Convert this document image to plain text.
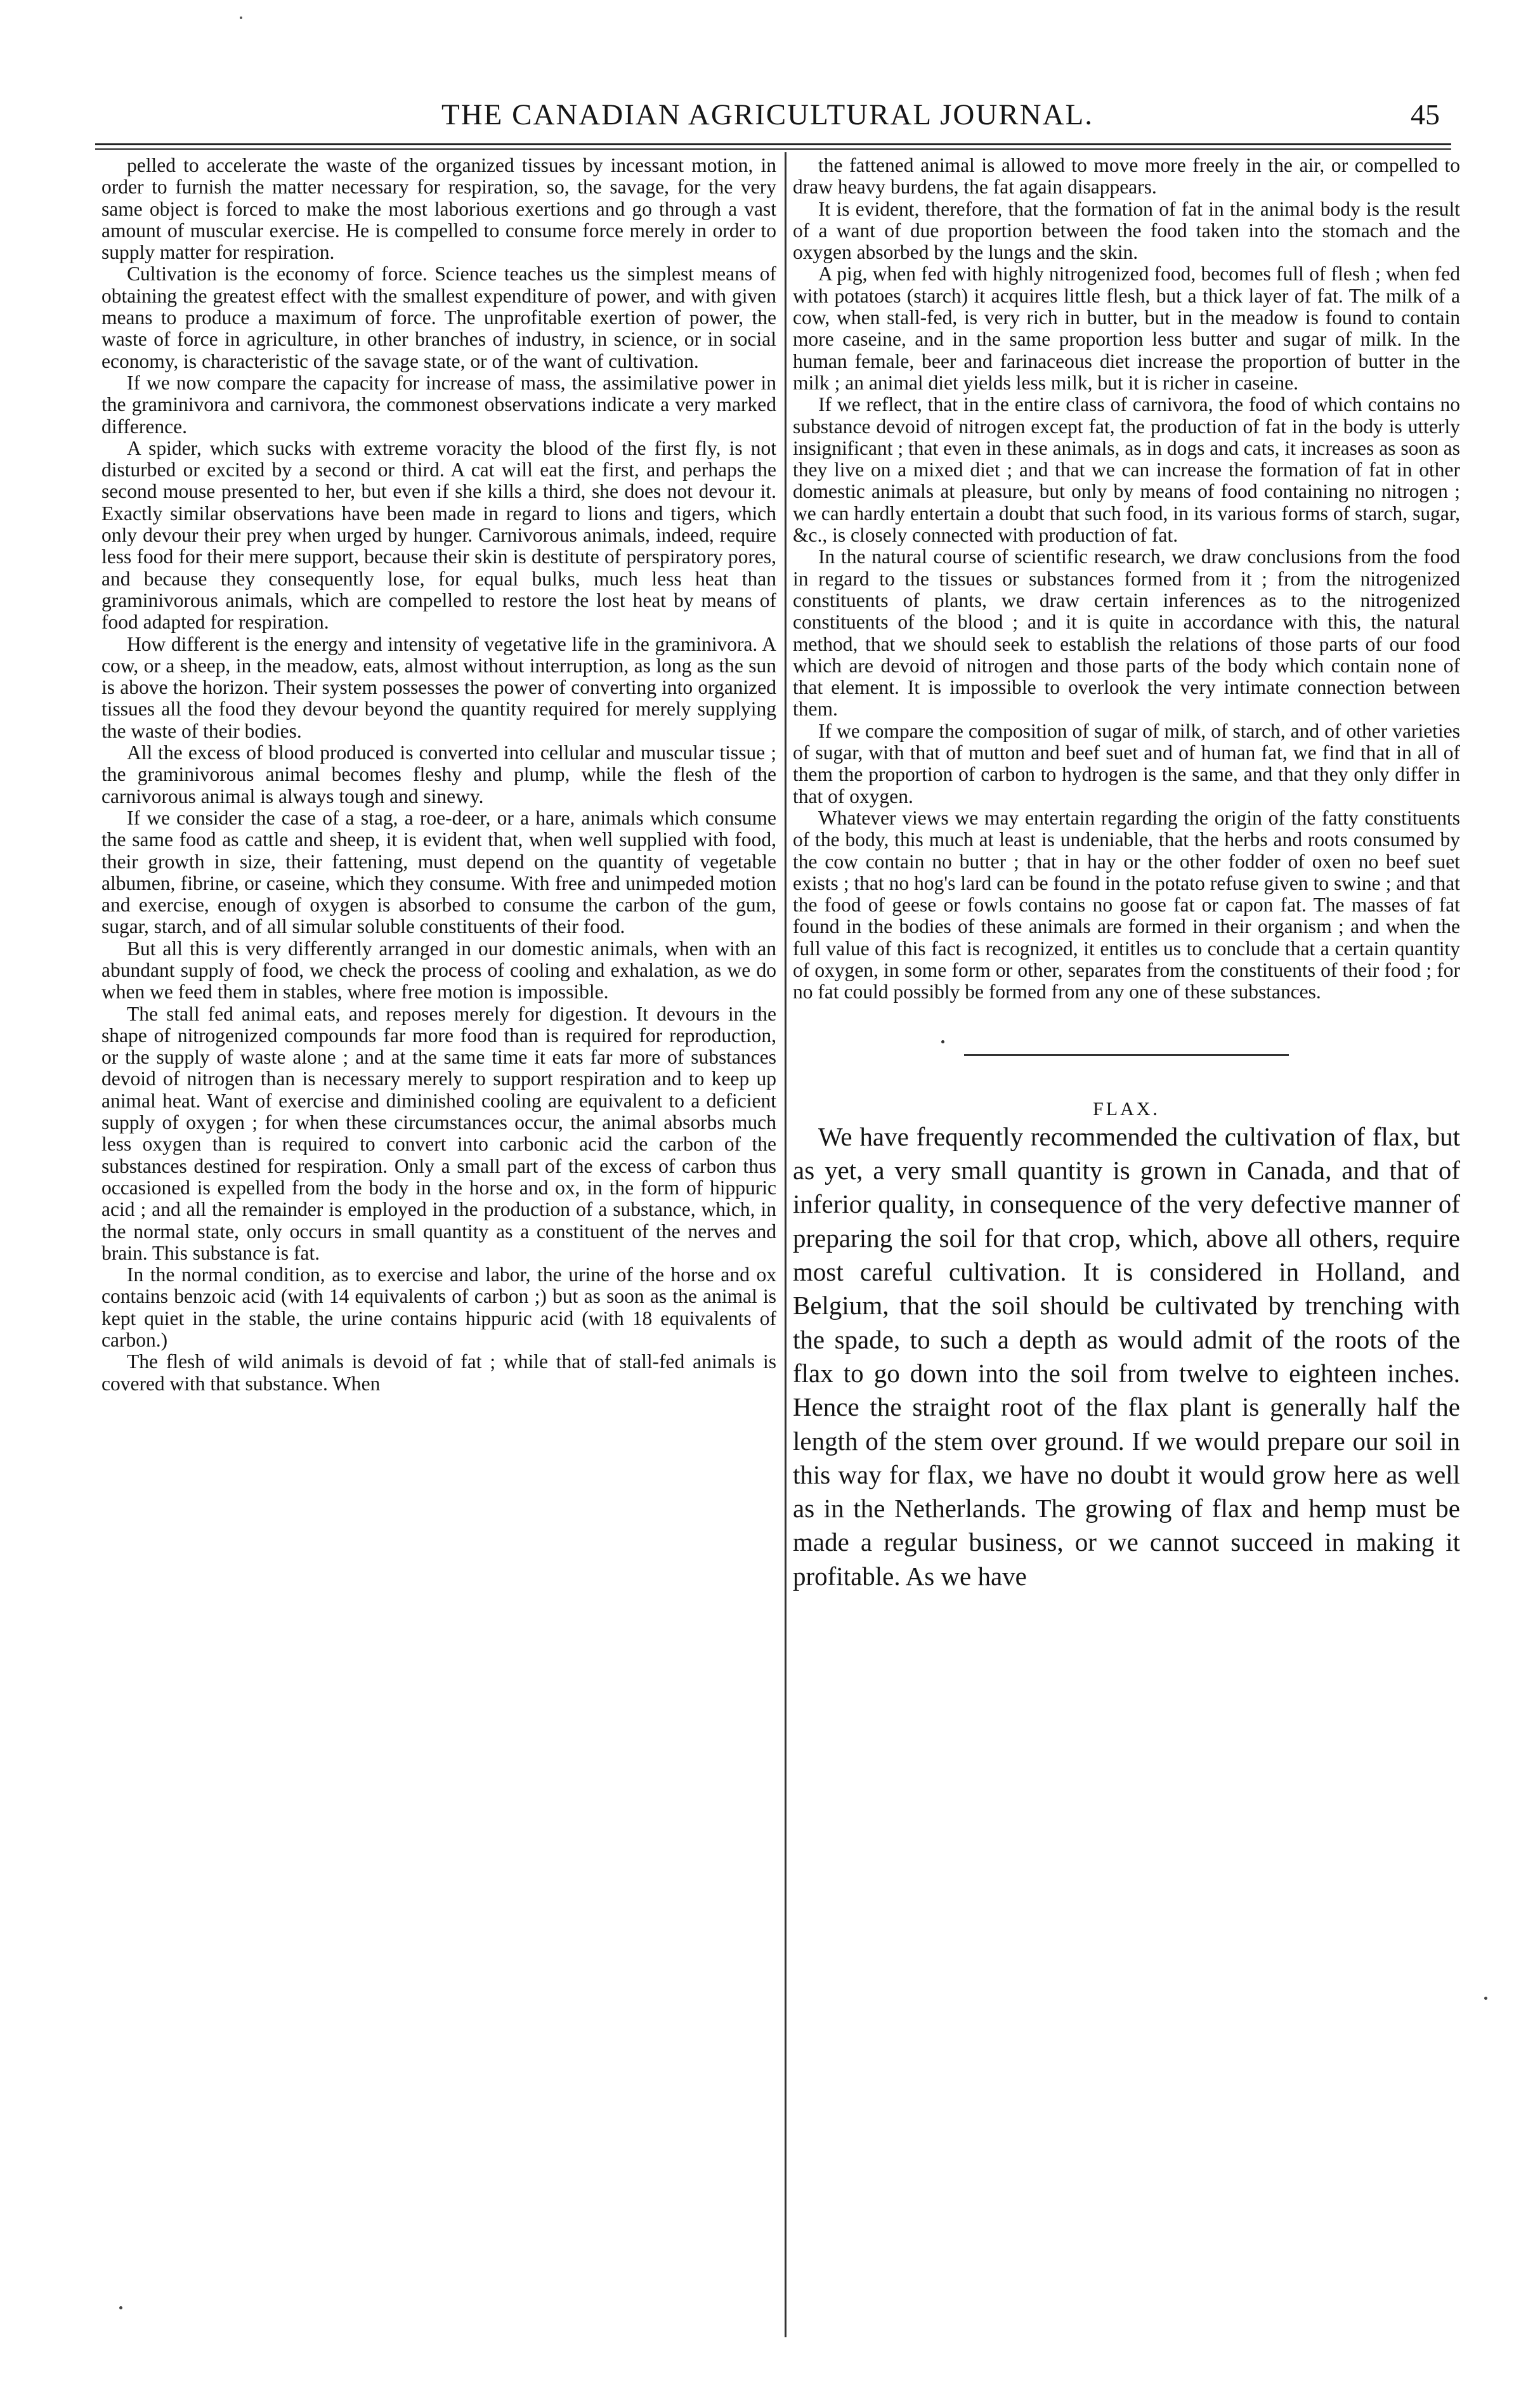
THE CANADIAN AGRICULTURAL JOURNAL.	45

pelled to accelerate the waste of the organized tissues by incessant motion, in order to furnish the matter necessary for respiration, so, the savage, for the very same object is forced to make the most laborious exertions and go through a vast amount of muscular exercise. He is compelled to consume force merely in order to supply matter for respiration.

Cultivation is the economy of force. Science teaches us the simplest means of obtaining the greatest effect with the smallest expenditure of power, and with given means to produce a maximum of force. The unprofitable exertion of power, the waste of force in agriculture, in other branches of industry, in science, or in social economy, is characteristic of the savage state, or of the want of cultivation.

If we now compare the capacity for increase of mass, the assimilative power in the graminivora and carnivora, the commonest observations indicate a very marked difference.

A spider, which sucks with extreme voracity the blood of the first fly, is not disturbed or excited by a second or third. A cat will eat the first, and perhaps the second mouse presented to her, but even if she kills a third, she does not devour it. Exactly similar observations have been made in regard to lions and tigers, which only devour their prey when urged by hunger. Carnivorous animals, indeed, require less food for their mere support, because their skin is destitute of perspiratory pores, and because they consequently lose, for equal bulks, much less heat than graminivorous animals, which are compelled to restore the lost heat by means of food adapted for respiration.

How different is the energy and intensity of vegetative life in the graminivora. A cow, or a sheep, in the meadow, eats, almost without interruption, as long as the sun is above the horizon. Their system possesses the power of converting into organized tissues all the food they devour beyond the quantity required for merely supplying the waste of their bodies.

All the excess of blood produced is converted into cellular and muscular tissue ; the graminivorous animal becomes fleshy and plump, while the flesh of the carnivorous animal is always tough and sinewy.

If we consider the case of a stag, a roe-deer, or a hare, animals which consume the same food as cattle and sheep, it is evident that, when well supplied with food, their growth in size, their fattening, must depend on the quantity of vegetable albumen, fibrine, or caseine, which they consume. With free and unimpeded motion and exercise, enough of oxygen is absorbed to consume the carbon of the gum, sugar, starch, and of all simular soluble constituents of their food.

But all this is very differently arranged in our domestic animals, when with an abundant supply of food, we check the process of cooling and exhalation, as we do when we feed them in stables, where free motion is impossible.

The stall fed animal eats, and reposes merely for digestion. It devours in the shape of nitrogenized compounds far more food than is required for reproduction, or the supply of waste alone ; and at the same time it eats far more of substances devoid of nitrogen than is necessary merely to support respiration and to keep up animal heat. Want of exercise and diminished cooling are equivalent to a deficient supply of oxygen ; for when these circumstances occur, the animal absorbs much less oxygen than is required to convert into carbonic acid the carbon of the substances destined for respiration. Only a small part of the excess of carbon thus occasioned is expelled from the body in the horse and ox, in the form of hippuric acid ; and all the remainder is employed in the production of a substance, which, in the normal state, only occurs in small quantity as a constituent of the nerves and brain. This substance is fat.

In the normal condition, as to exercise and labor, the urine of the horse and ox contains benzoic acid (with 14 equivalents of carbon ;) but as soon as the animal is kept quiet in the stable, the urine contains hippuric acid (with 18 equivalents of carbon.)

The flesh of wild animals is devoid of fat ; while that of stall-fed animals is covered with that substance. When

the fattened animal is allowed to move more freely in the air, or compelled to draw heavy burdens, the fat again disappears.

It is evident, therefore, that the formation of fat in the animal body is the result of a want of due proportion between the food taken into the stomach and the oxygen absorbed by the lungs and the skin.

A pig, when fed with highly nitrogenized food, becomes full of flesh ; when fed with potatoes (starch) it acquires little flesh, but a thick layer of fat. The milk of a cow, when stall-fed, is very rich in butter, but in the meadow is found to contain more caseine, and in the same proportion less butter and sugar of milk. In the human female, beer and farinaceous diet increase the proportion of butter in the milk ; an animal diet yields less milk, but it is richer in caseine.

If we reflect, that in the entire class of carnivora, the food of which contains no substance devoid of nitrogen except fat, the production of fat in the body is utterly insignificant ; that even in these animals, as in dogs and cats, it increases as soon as they live on a mixed diet ; and that we can increase the formation of fat in other domestic animals at pleasure, but only by means of food containing no nitrogen ; we can hardly entertain a doubt that such food, in its various forms of starch, sugar, &c., is closely connected with production of fat.

In the natural course of scientific research, we draw conclusions from the food in regard to the tissues or substances formed from it ; from the nitrogenized constituents of plants, we draw certain inferences as to the nitrogenized constituents of the blood ; and it is quite in accordance with this, the natural method, that we should seek to establish the relations of those parts of our food which are devoid of nitrogen and those parts of the body which contain none of that element. It is impossible to overlook the very intimate connection between them.

If we compare the composition of sugar of milk, of starch, and of other varieties of sugar, with that of mutton and beef suet and of human fat, we find that in all of them the proportion of carbon to hydrogen is the same, and that they only differ in that of oxygen.

Whatever views we may entertain regarding the origin of the fatty constituents of the body, this much at least is undeniable, that the herbs and roots consumed by the cow contain no butter ; that in hay or the other fodder of oxen no beef suet exists ; that no hog's lard can be found in the potato refuse given to swine ; and that the food of geese or fowls contains no goose fat or capon fat. The masses of fat found in the bodies of these animals are formed in their organism ; and when the full value of this fact is recognized, it entitles us to conclude that a certain quantity of oxygen, in some form or other, separates from the constituents of their food ; for no fat could possibly be formed from any one of these substances.

FLAX.

We have frequently recommended the cultivation of flax, but as yet, a very small quantity is grown in Canada, and that of inferior quality, in consequence of the very defective manner of preparing the soil for that crop, which, above all others, require most careful cultivation. It is considered in Holland, and Belgium, that the soil should be cultivated by trenching with the spade, to such a depth as would admit of the roots of the flax to go down into the soil from twelve to eighteen inches. Hence the straight root of the flax plant is generally half the length of the stem over ground. If we would prepare our soil in this way for flax, we have no doubt it would grow here as well as in the Netherlands. The growing of flax and hemp must be made a regular business, or we cannot succeed in making it profitable. As we have
